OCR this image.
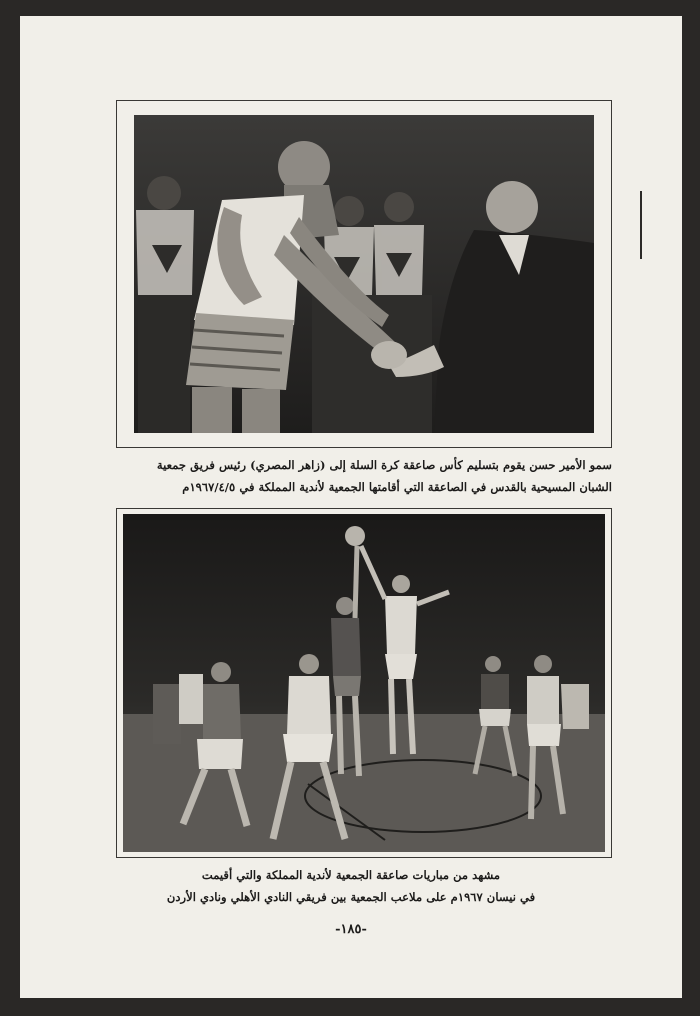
سمو الأمير حسن يقوم بتسليم كأس صاعقة كرة السلة إلى (زاهر المصري) رئيس فريق جمعية
الشبان المسيحية بالقدس في الصاعقة التي أقامتها الجمعية لأندية المملكة في ١٩٦٧/٤/٥م
مشهد من مباريات صاعقة الجمعية لأندية المملكة والتي أقيمت
في نيسان ١٩٦٧م على ملاعب الجمعية بين فريقي النادي الأهلي ونادي الأردن
-١٨٥-
